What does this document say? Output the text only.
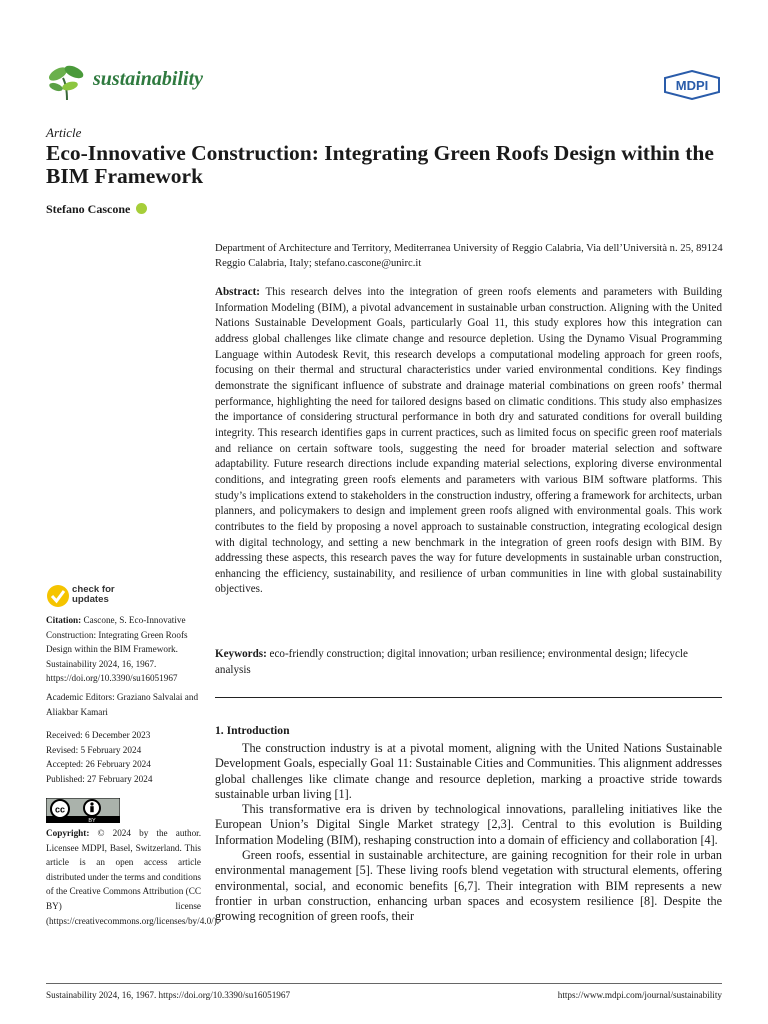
sustainability	MDPI
Article
Eco-Innovative Construction: Integrating Green Roofs Design within the BIM Framework
Stefano Cascone
Department of Architecture and Territory, Mediterranea University of Reggio Calabria, Via dell’Università n. 25, 89124 Reggio Calabria, Italy; stefano.cascone@unirc.it
Abstract: This research delves into the integration of green roofs elements and parameters with Building Information Modeling (BIM), a pivotal advancement in sustainable urban construction. Aligning with the United Nations Sustainable Development Goals, particularly Goal 11, this study explores how this integration can address global challenges like climate change and resource depletion. Using the Dynamo Visual Programming Language within Autodesk Revit, this research develops a computational modeling approach for green roofs, focusing on their thermal and structural characteristics under varied environmental conditions. Key findings demonstrate the significant influence of substrate and drainage material combinations on green roofs’ thermal performance, highlighting the need for tailored designs based on climatic conditions. This study also emphasizes the importance of considering structural performance in both dry and saturated conditions for overall building integrity. This research identifies gaps in current practices, such as limited focus on specific green roof materials and reliance on certain software tools, suggesting the need for broader material selection and software adaptability. Future research directions include expanding material selections, exploring diverse environmental conditions, and integrating green roofs elements and parameters with various BIM software platforms. This study’s implications extend to stakeholders in the construction industry, offering a framework for architects, urban planners, and policymakers to design and implement green roofs aligned with environmental goals. This work contributes to the field by proposing a novel approach to sustainable construction, integrating ecological design with digital technology, and setting a new benchmark in the integration of green roofs design with BIM. By addressing these aspects, this research paves the way for future developments in sustainable urban construction, enhancing the efficiency, sustainability, and resilience of urban communities in line with global sustainability objectives.
Keywords: eco-friendly construction; digital innovation; urban resilience; environmental design; lifecycle analysis
1. Introduction

The construction industry is at a pivotal moment, aligning with the United Nations Sustainable Development Goals, especially Goal 11: Sustainable Cities and Communities. This alignment addresses global challenges like climate change and resource depletion, marking a proactive stride towards sustainable urban living [1].

This transformative era is driven by technological innovations, paralleling initiatives like the European Union’s Digital Single Market strategy [2,3]. Central to this evolution is Building Information Modeling (BIM), reshaping construction into a domain of efficiency and collaboration [4].

Green roofs, essential in sustainable architecture, are gaining recognition for their role in urban environmental management [5]. These living roofs blend vegetation with structural elements, offering environmental, social, and economic benefits [6,7]. Their integration with BIM represents a new frontier in urban construction, enhancing urban spaces and ecosystem resilience [8]. Despite the growing recognition of green roofs, their

check for updates
Citation: Cascone, S. Eco-Innovative Construction: Integrating Green Roofs Design within the BIM Framework. Sustainability 2024, 16, 1967. https://doi.org/10.3390/su16051967
Academic Editors: Graziano Salvalai and Aliakbar Kamari
Received: 6 December 2023
Revised: 5 February 2024
Accepted: 26 February 2024
Published: 27 February 2024
cc
BY
Copyright: © 2024 by the author. Licensee MDPI, Basel, Switzerland. This article is an open access article distributed under the terms and conditions of the Creative Commons Attribution (CC BY) license (https://creativecommons.org/licenses/by/4.0/).
Sustainability 2024, 16, 1967. https://doi.org/10.3390/su16051967	https://www.mdpi.com/journal/sustainability
